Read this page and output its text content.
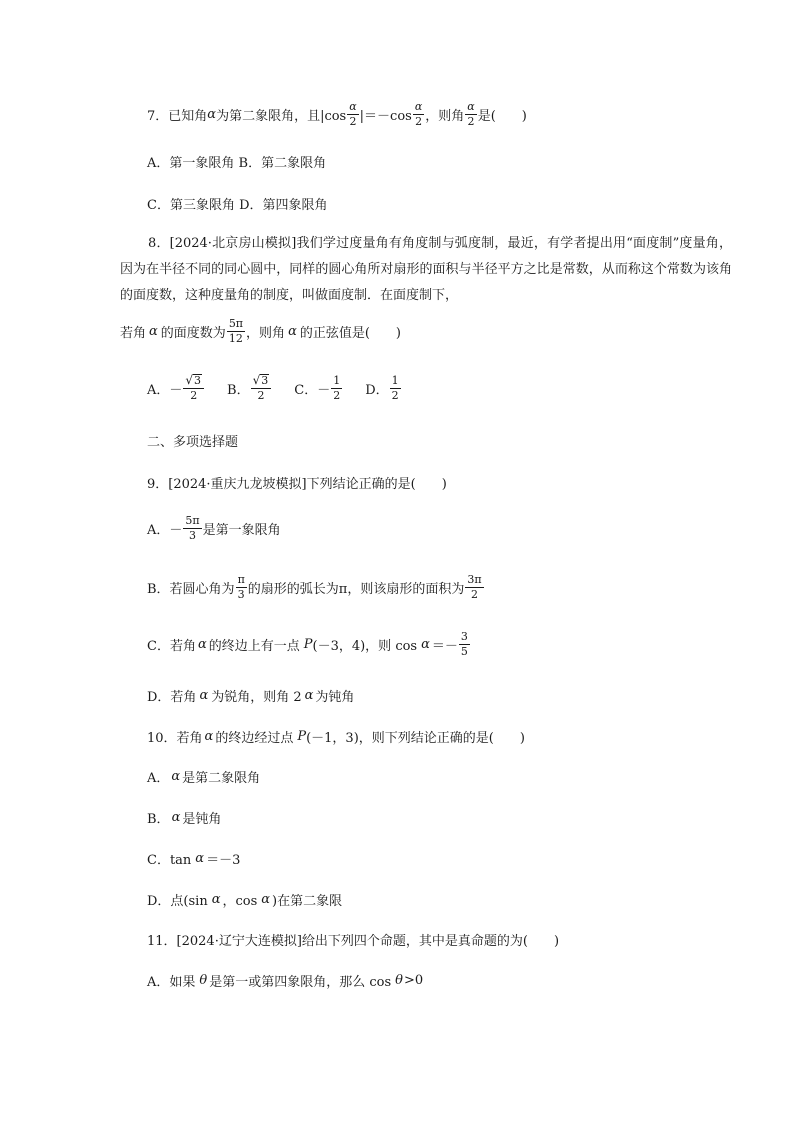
7．已知角 α 为第二象限角，且$|\cos \frac{\alpha}{2} |=-\cos \frac{\alpha}{2}$ ，则角 $\frac{\alpha}{2}$ 是(　　)
A．第一象限角 B．第二象限角
C．第三象限角 D．第四象限角
8．[2024·北京房山模拟]我们学过度量角有角度制与弧度制，最近，有学者提出用“面度制”度量角，因为在半径不同的同心圆中，同样的圆心角所对扇形的面积与半径平方之比是常数，从而称这个常数为该角的面度数，这种度量角的制度，叫做面度制．在面度制下，
若角 α 的面度数为 $\frac{5\pi}{12}$ ，则角 α 的正弦值是(　　)
A．－ $\frac{√ 3}{2}$ B． $\frac{√ 3}{2}$ C．－ $\frac{1}{2}$ D． $\frac{1}{2}$
二、多项选择题
9．[2024·重庆九龙坡模拟]下列结论正确的是(　　)
A．－ $\frac{5\pi}{3}$ 是第一象限角
B．若圆心角为 $\frac{\pi}{3}$ 的扇形的弧长为π，则该扇形的面积为 $\frac{3\pi}{2}$
C．若角 α 的终边上有一点 P (－3，4)，则 $\cos \alpha =- \frac{3}{5}$
D．若角 α 为锐角，则角 2 α 为钝角
10．若角 α 的终边经过点 P (－1，3)，则下列结论正确的是(　　)
A． α 是第二象限角
B． α 是钝角
C．tan α ＝－3
D．点(sin α ，cos α )在第二象限
11．[2024·辽宁大连模拟]给出下列四个命题，其中是真命题的为(　　)
A．如果 θ 是第一或第四象限角，那么 cos θ >0
